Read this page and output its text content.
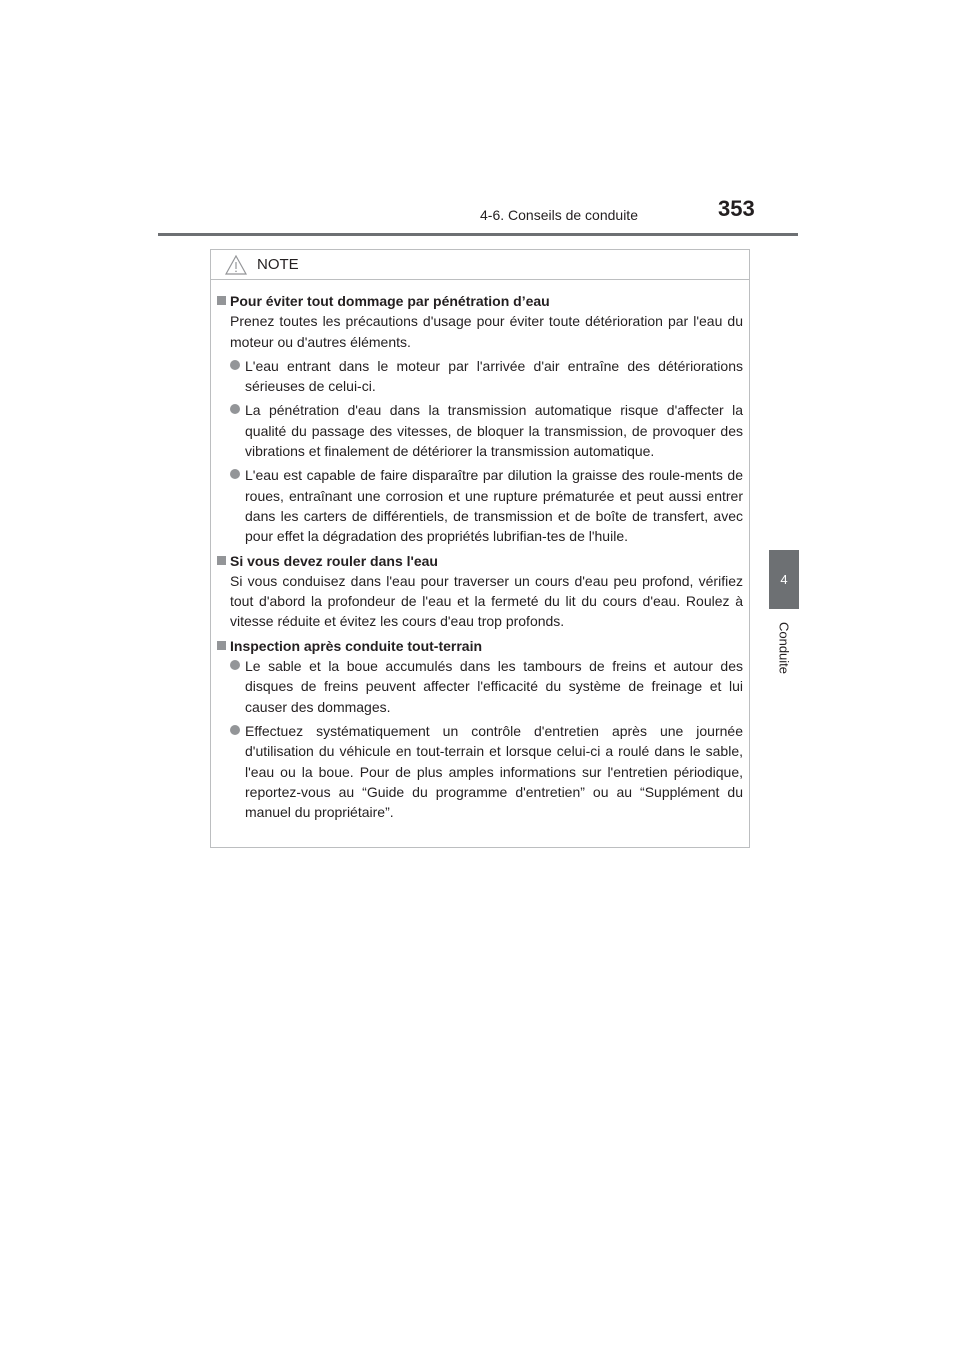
4-6. Conseils de conduite	353
4
Conduite
NOTE
Pour éviter tout dommage par pénétration d’eau
Prenez toutes les précautions d'usage pour éviter toute détérioration par l'eau du moteur ou d'autres éléments.
L'eau entrant dans le moteur par l'arrivée d'air entraîne des détériorations sérieuses de celui-ci.
La pénétration d'eau dans la transmission automatique risque d'affecter la qualité du passage des vitesses, de bloquer la transmission, de provoquer des vibrations et finalement de détériorer la transmission automatique.
L'eau est capable de faire disparaître par dilution la graisse des roule-ments de roues, entraînant une corrosion et une rupture prématurée et peut aussi entrer dans les carters de différentiels, de transmission et de boîte de transfert, avec pour effet la dégradation des propriétés lubrifian-tes de l'huile.
Si vous devez rouler dans l'eau
Si vous conduisez dans l'eau pour traverser un cours d'eau peu profond, vérifiez tout d'abord la profondeur de l'eau et la fermeté du lit du cours d'eau. Roulez à vitesse réduite et évitez les cours d'eau trop profonds.
Inspection après conduite tout-terrain
Le sable et la boue accumulés dans les tambours de freins et autour des disques de freins peuvent affecter l'efficacité du système de freinage et lui causer des dommages.
Effectuez systématiquement un contrôle d'entretien après une journée d'utilisation du véhicule en tout-terrain et lorsque celui-ci a roulé dans le sable, l'eau ou la boue. Pour de plus amples informations sur l'entretien périodique, reportez-vous au “Guide du programme d'entretien” ou au “Supplément du manuel du propriétaire”.
